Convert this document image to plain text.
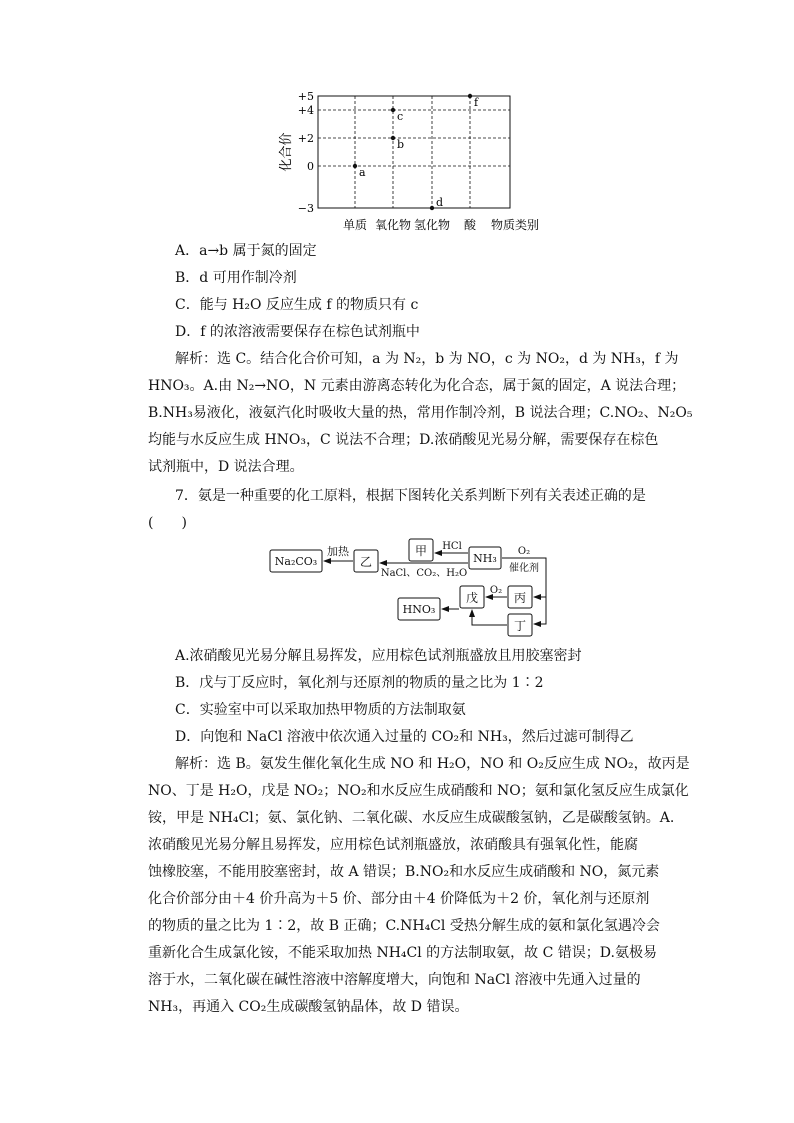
+5
+4
+2
0
−3
单质 氧化物 氢化物 酸
a
b
c
d
f
化合价
物质类别
A．a→b 属于氮的固定
B．d 可用作制冷剂
C．能与 H₂O 反应生成 f 的物质只有 c
D．f 的浓溶液需要保存在棕色试剂瓶中
解析：选 C。结合化合价可知，a 为 N₂，b 为 NO，c 为 NO₂，d 为 NH₃，f 为
HNO₃。A.由 N₂→NO，N 元素由游离态转化为化合态，属于氮的固定，A 说法合理；
B.NH₃易液化，液氨汽化时吸收大量的热，常用作制冷剂，B 说法合理；C.NO₂、N₂O₅
均能与水反应生成 HNO₃，C 说法不合理；D.浓硝酸见光易分解，需要保存在棕色
试剂瓶中，D 说法合理。
7．氨是一种重要的化工原料，根据下图转化关系判断下列有关表述正确的是
(　　)
Na₂CO₃	乙
甲
NH₃
戊	丙
丁
HNO₃
加热	HCl	O₂
催化剂
NaCl、CO₂、H₂O
O₂
A.浓硝酸见光易分解且易挥发，应用棕色试剂瓶盛放且用胶塞密封
B．戊与丁反应时，氧化剂与还原剂的物质的量之比为 1∶2
C．实验室中可以采取加热甲物质的方法制取氨
D．向饱和 NaCl 溶液中依次通入过量的 CO₂和 NH₃，然后过滤可制得乙
解析：选 B。氨发生催化氧化生成 NO 和 H₂O，NO 和 O₂反应生成 NO₂，故丙是
NO、丁是 H₂O，戊是 NO₂；NO₂和水反应生成硝酸和 NO；氨和氯化氢反应生成氯化
铵，甲是 NH₄Cl；氨、氯化钠、二氧化碳、水反应生成碳酸氢钠，乙是碳酸氢钠。A.
浓硝酸见光易分解且易挥发，应用棕色试剂瓶盛放，浓硝酸具有强氧化性，能腐
蚀橡胶塞，不能用胶塞密封，故 A 错误；B.NO₂和水反应生成硝酸和 NO，氮元素
化合价部分由＋4 价升高为＋5 价、部分由＋4 价降低为＋2 价，氧化剂与还原剂
的物质的量之比为 1∶2，故 B 正确；C.NH₄Cl 受热分解生成的氨和氯化氢遇冷会
重新化合生成氯化铵，不能采取加热 NH₄Cl 的方法制取氨，故 C 错误；D.氨极易
溶于水，二氧化碳在碱性溶液中溶解度增大，向饱和 NaCl 溶液中先通入过量的
NH₃，再通入 CO₂生成碳酸氢钠晶体，故 D 错误。
